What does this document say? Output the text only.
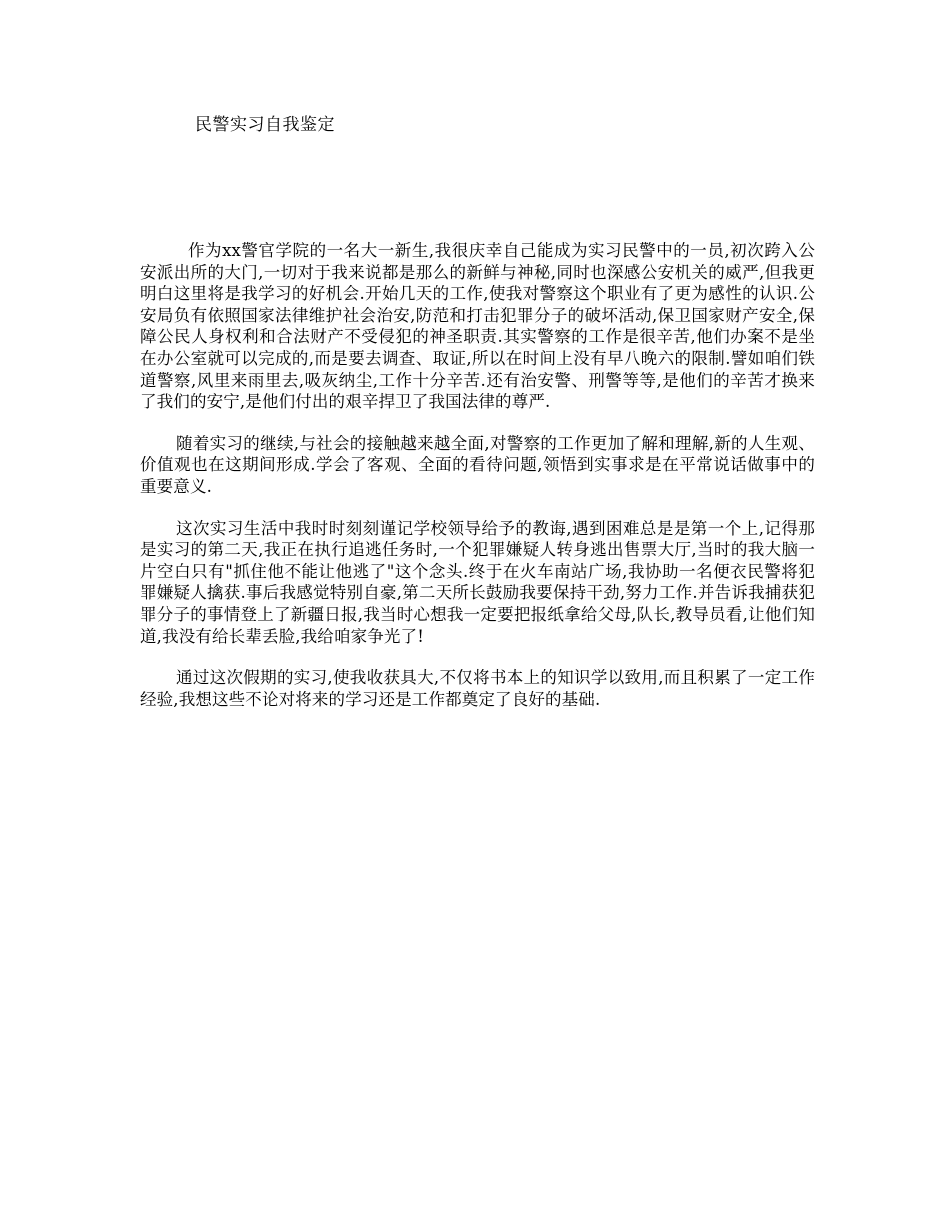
民警实习自我鉴定

作为xx警官学院的一名大一新生,我很庆幸自己能成为实习民警中的一员,初次跨入公安派出所的大门,一切对于我来说都是那么的新鲜与神秘,同时也深感公安机关的威严,但我更明白这里将是我学习的好机会.开始几天的工作,使我对警察这个职业有了更为感性的认识.公安局负有依照国家法律维护社会治安,防范和打击犯罪分子的破坏活动,保卫国家财产安全,保障公民人身权利和合法财产不受侵犯的神圣职责.其实警察的工作是很辛苦,他们办案不是坐在办公室就可以完成的,而是要去调查、取证,所以在时间上没有早八晚六的限制.譬如咱们铁道警察,风里来雨里去,吸灰纳尘,工作十分辛苦.还有治安警、刑警等等,是他们的辛苦才换来了我们的安宁,是他们付出的艰辛捍卫了我国法律的尊严.

随着实习的继续,与社会的接触越来越全面,对警察的工作更加了解和理解,新的人生观、价值观也在这期间形成.学会了客观、全面的看待问题,领悟到实事求是在平常说话做事中的重要意义.

这次实习生活中我时时刻刻谨记学校领导给予的教诲,遇到困难总是是第一个上,记得那是实习的第二天,我正在执行追逃任务时,一个犯罪嫌疑人转身逃出售票大厅,当时的我大脑一片空白只有"抓住他不能让他逃了"这个念头.终于在火车南站广场,我协助一名便衣民警将犯罪嫌疑人擒获.事后我感觉特别自豪,第二天所长鼓励我要保持干劲,努力工作.并告诉我捕获犯罪分子的事情登上了新疆日报,我当时心想我一定要把报纸拿给父母,队长,教导员看,让他们知道,我没有给长辈丢脸,我给咱家争光了!

通过这次假期的实习,使我收获具大,不仅将书本上的知识学以致用,而且积累了一定工作经验,我想这些不论对将来的学习还是工作都奠定了良好的基础.
